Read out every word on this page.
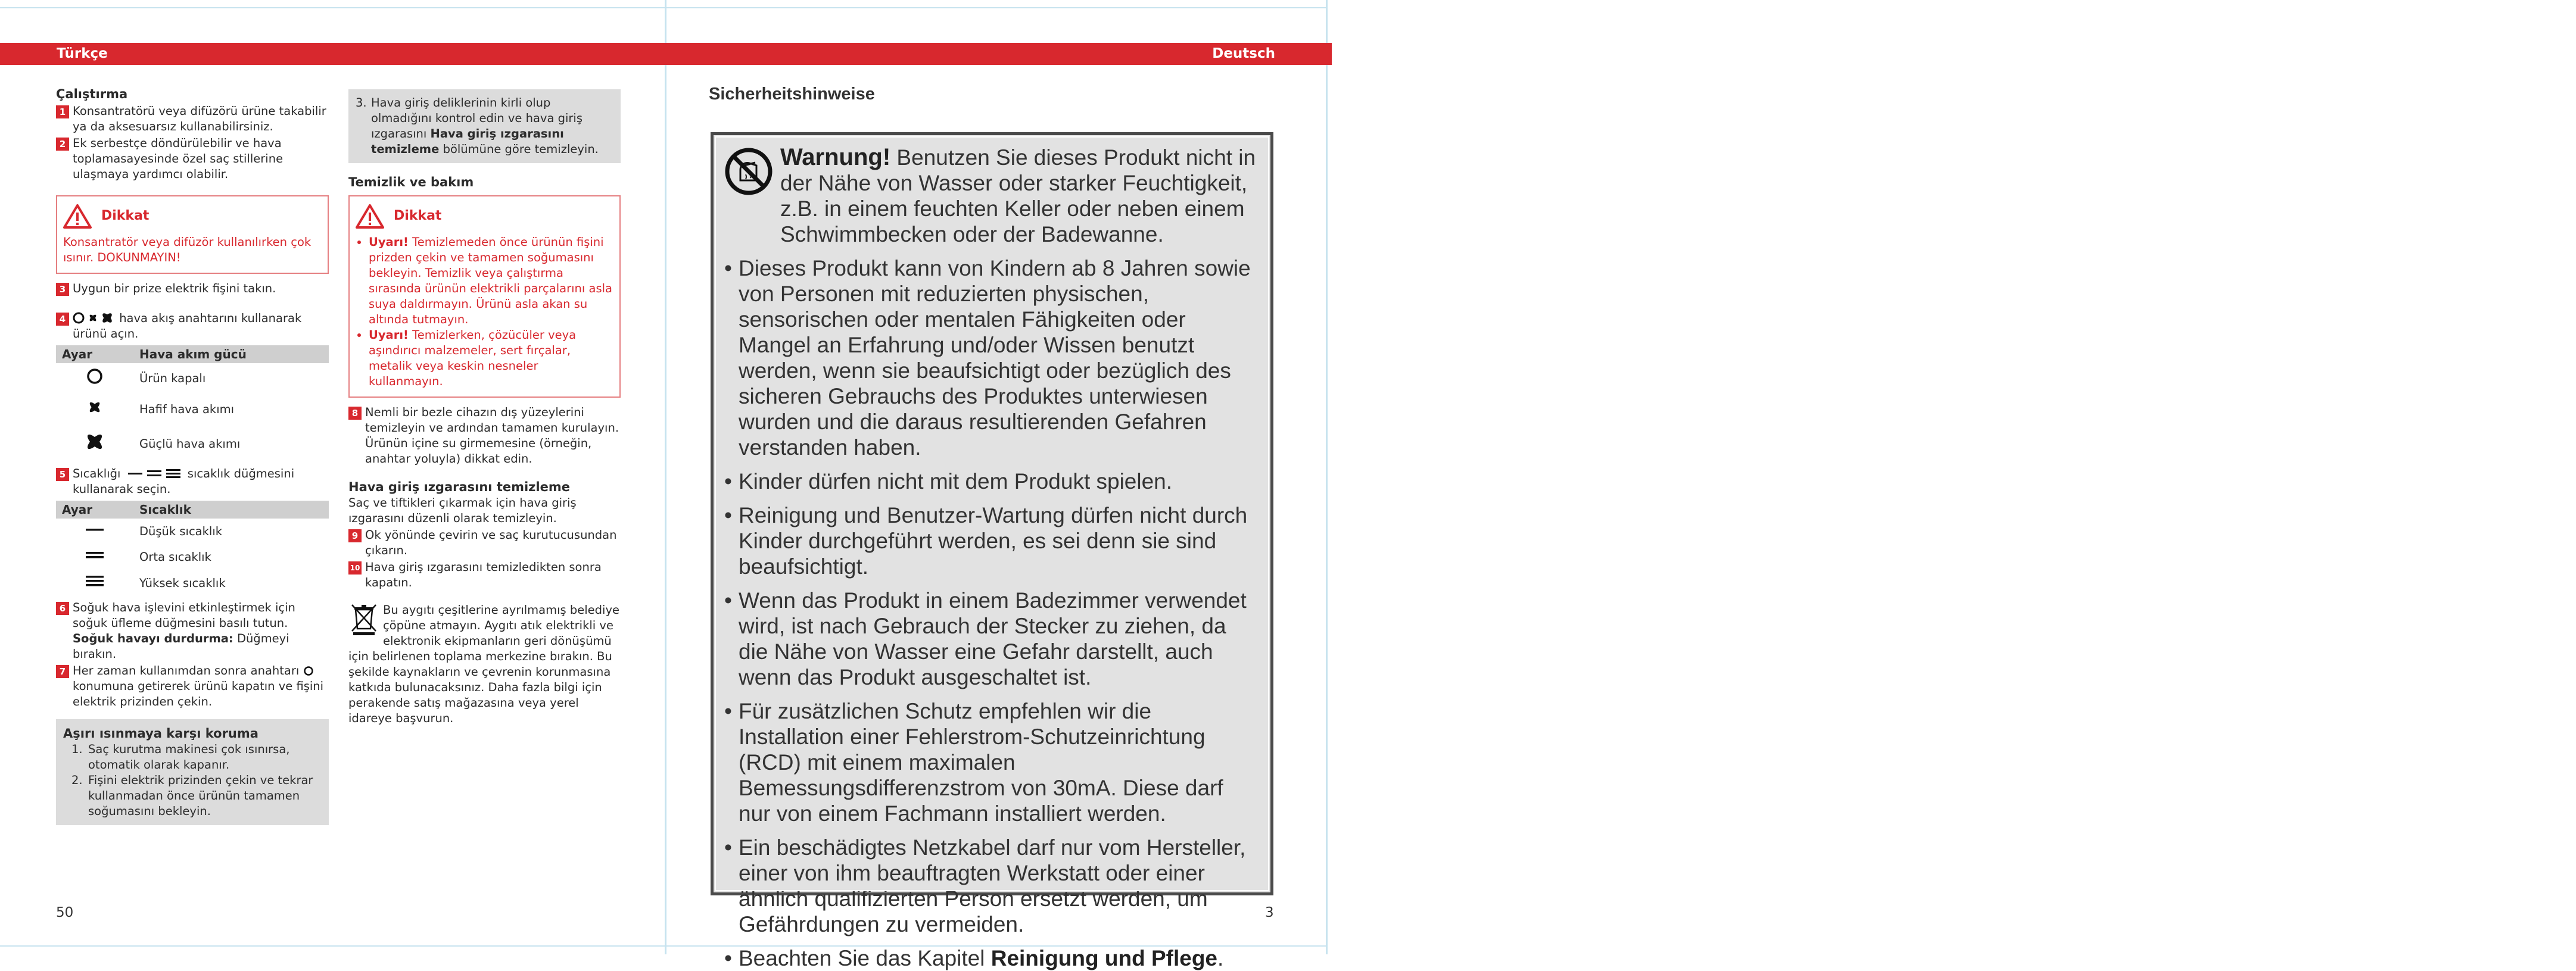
Türkçe	Deutsch
Çalıştırma
1 Konsantratörü veya difüzörü ürüne takabilir ya da aksesuarsız kullanabilirsiniz.
2 Ek serbestçe döndürülebilir ve hava toplamasayesinde özel saç stillerine ulaşmaya yardımcı olabilir.
Dikkat
Konsantratör veya difüzör kullanılırken çok ısınır. DOKUNMAYIN!
3 Uygun bir prize elektrik fişini takın.
4	hava akış anahtarını kullanarak ürünü açın.
Ayar	Hava akım gücü
	Ürün kapalı
	Hafif hava akımı
	Güçlü hava akımı
5 Sıcaklığı	sıcaklık düğmesini kullanarak seçin.
Ayar	Sıcaklık
	Düşük sıcaklık
	Orta sıcaklık
	Yüksek sıcaklık
6 Soğuk hava işlevini etkinleştirmek için soğuk üfleme düğmesini basılı tutun.
Soğuk havayı durdurma: Düğmeyi bırakın.
7 Her zaman kullanımdan sonra anahtarı  konumuna getirerek ürünü kapatın ve fişini elektrik prizinden çekin.
Aşırı ısınmaya karşı koruma
1. Saç kurutma makinesi çok ısınırsa, otomatik olarak kapanır.
2. Fişini elektrik prizinden çekin ve tekrar kullanmadan önce ürünün tamamen soğumasını bekleyin.
3. Hava giriş deliklerinin kirli olup olmadığını kontrol edin ve hava giriş ızgarasını Hava giriş ızgarasını temizleme bölümüne göre temizleyin.
Temizlik ve bakım
Dikkat
• Uyarı! Temizlemeden önce ürünün fişini prizden çekin ve tamamen soğumasını bekleyin. Temizlik veya çalıştırma sırasında ürünün elektrikli parçalarını asla suya daldırmayın. Ürünü asla akan su altında tutmayın.
• Uyarı! Temizlerken, çözücüler veya aşındırıcı malzemeler, sert fırçalar, metalik veya keskin nesneler kullanmayın.
8 Nemli bir bezle cihazın dış yüzeylerini temizleyin ve ardından tamamen kurulayın. Ürünün içine su girmemesine (örneğin, anahtar yoluyla) dikkat edin.
Hava giriş ızgarasını temizleme
Saç ve tiftikleri çıkarmak için hava giriş ızgarasını düzenli olarak temizleyin.
9 Ok yönünde çevirin ve saç kurutucusundan çıkarın.
10 Hava giriş ızgarasını temizledikten sonra kapatın.
Bu aygıtı çeşitlerine ayrılmamış belediye çöpüne atmayın. Aygıtı atık elektrikli ve elektronik ekipmanların geri dönüşümü için belirlenen toplama merkezine bırakın. Bu şekilde kaynakların ve çevrenin korunmasına katkıda bulunacaksınız. Daha fazla bilgi için perakende satış mağazasına veya yerel idareye başvurun.
50
Sicherheitshinweise
Warnung! Benutzen Sie dieses Produkt nicht in der Nähe von Wasser oder starker Feuchtigkeit, z.B. in einem feuchten Keller oder neben einem Schwimmbecken oder der Badewanne.
• Dieses Produkt kann von Kindern ab 8 Jahren sowie von Personen mit reduzierten physischen, sensorischen oder mentalen Fähigkeiten oder Mangel an Erfahrung und/oder Wissen benutzt werden, wenn sie beaufsichtigt oder bezüglich des sicheren Gebrauchs des Produktes unterwiesen wurden und die daraus resultierenden Gefahren verstanden haben.
• Kinder dürfen nicht mit dem Produkt spielen.
• Reinigung und Benutzer-Wartung dürfen nicht durch Kinder durchgeführt werden, es sei denn sie sind beaufsichtigt.
• Wenn das Produkt in einem Badezimmer verwendet wird, ist nach Gebrauch der Stecker zu ziehen, da die Nähe von Wasser eine Gefahr darstellt, auch wenn das Produkt ausgeschaltet ist.
• Für zusätzlichen Schutz empfehlen wir die Installation einer Fehlerstrom-Schutzeinrichtung (RCD) mit einem maximalen Bemessungsdifferenzstrom von 30mA. Diese darf nur von einem Fachmann installiert werden.
• Ein beschädigtes Netzkabel darf nur vom Hersteller, einer von ihm beauftragten Werkstatt oder einer ähnlich qualifizierten Person ersetzt werden, um Gefährdungen zu vermeiden.
• Beachten Sie das Kapitel Reinigung und Pflege.
3
